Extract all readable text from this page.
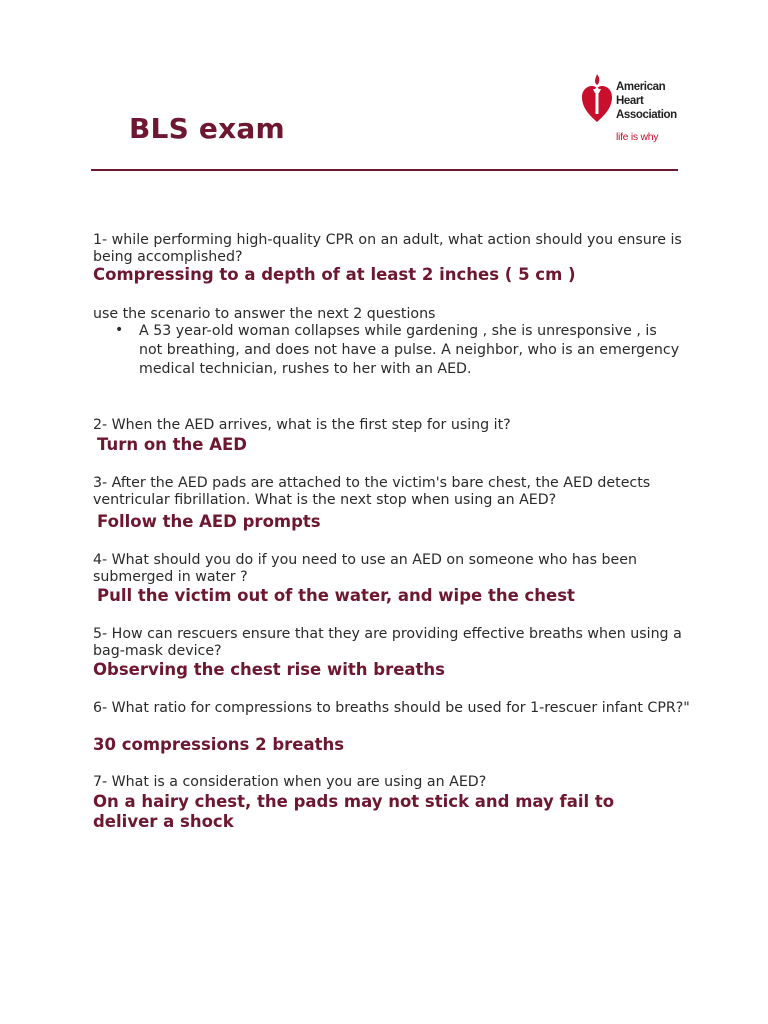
BLS exam
American
Heart
Association
life is why
1- while performing high-quality CPR on an adult, what action should you ensure is being accomplished?
Compressing to a depth of at least 2 inches ( 5 cm )
use the scenario to answer the next 2 questions
• A 53 year-old woman collapses while gardening , she is unresponsive , is not breathing, and does not have a pulse. A neighbor, who is an emergency medical technician, rushes to her with an AED.
2- When the AED arrives, what is the first step for using it?
Turn on the AED
3- After the AED pads are attached to the victim's bare chest, the AED detects ventricular fibrillation. What is the next stop when using an AED?
Follow the AED prompts
4- What should you do if you need to use an AED on someone who has been submerged in water ?
Pull the victim out of the water, and wipe the chest
5- How can rescuers ensure that they are providing effective breaths when using a bag-mask device?
Observing the chest rise with breaths
6- What ratio for compressions to breaths should be used for 1-rescuer infant CPR?"
30 compressions 2 breaths
7- What is a consideration when you are using an AED?
On a hairy chest, the pads may not stick and may fail to deliver a shock
